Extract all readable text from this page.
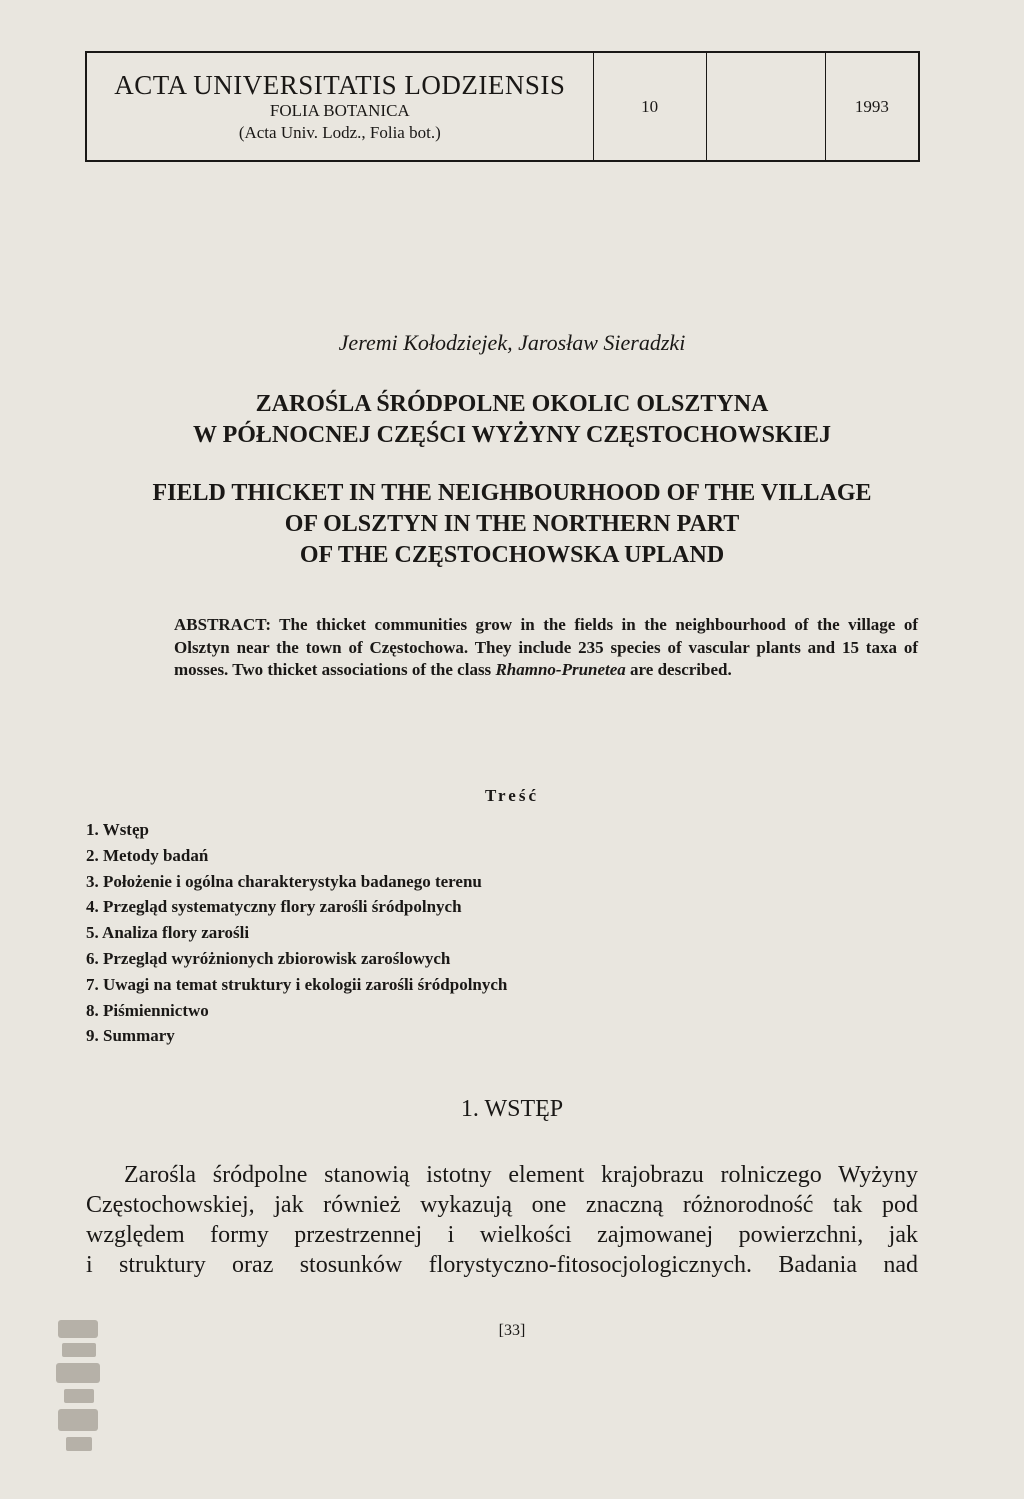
ACTA UNIVERSITATIS LODZIENSIS
FOLIA BOTANICA
(Acta Univ. Lodz., Folia bot.)
	10		1993
Jeremi Kołodziejek, Jarosław Sieradzki
ZAROŚLA ŚRÓDPOLNE OKOLIC OLSZTYNA
W PÓŁNOCNEJ CZĘŚCI WYŻYNY CZĘSTOCHOWSKIEJ
FIELD THICKET IN THE NEIGHBOURHOOD OF THE VILLAGE
OF OLSZTYN IN THE NORTHERN PART
OF THE CZĘSTOCHOWSKA UPLAND
ABSTRACT: The thicket communities grow in the fields in the neighbourhood of the village of Olsztyn near the town of Częstochowa. They include 235 species of vascular plants and 15 taxa of mosses. Two thicket associations of the class Rhamno-Prunetea are described.
Treść
1. Wstęp
2. Metody badań
3. Położenie i ogólna charakterystyka badanego terenu
4. Przegląd systematyczny flory zarośli śródpolnych
5. Analiza flory zarośli
6. Przegląd wyróżnionych zbiorowisk zaroślowych
7. Uwagi na temat struktury i ekologii zarośli śródpolnych
8. Piśmiennictwo
9. Summary
1. WSTĘP
Zarośla śródpolne stanowią istotny element krajobrazu rolniczego Wyżyny
Częstochowskiej, jak również wykazują one znaczną różnorodność tak pod
względem formy przestrzennej i wielkości zajmowanej powierzchni, jak
i struktury oraz stosunków florystyczno-fitosocjologicznych. Badania nad
[33]
